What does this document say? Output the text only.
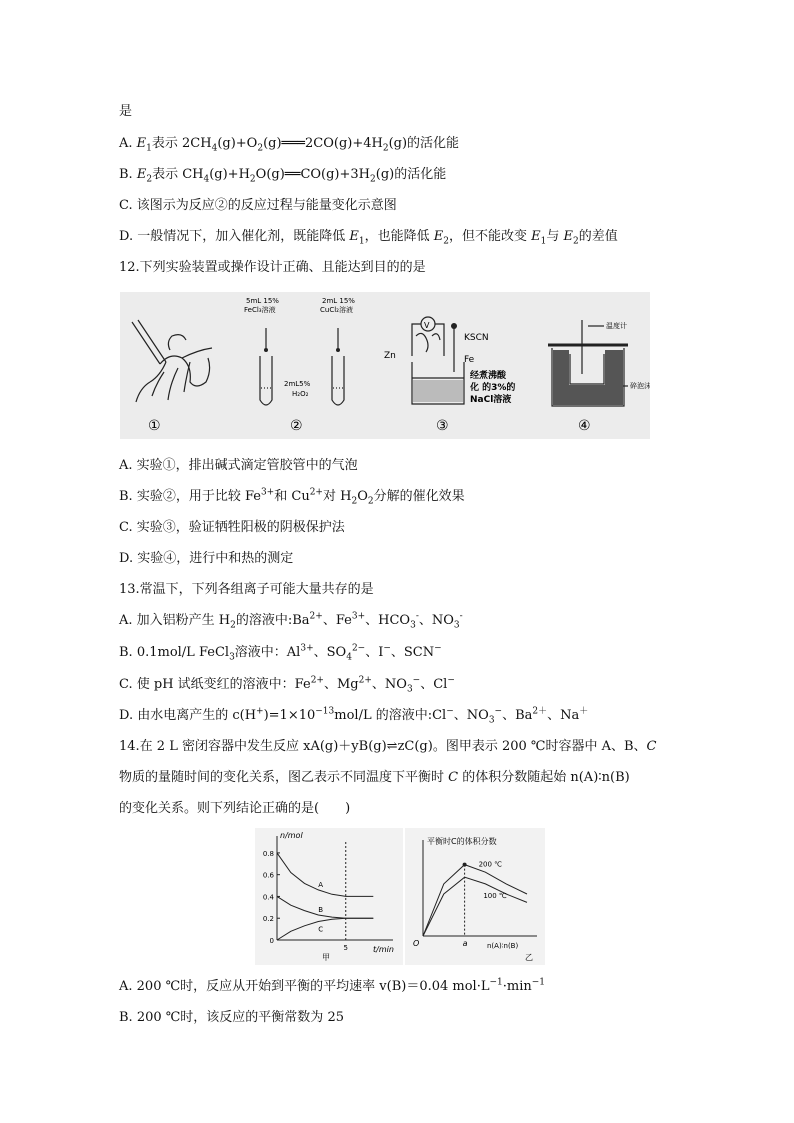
是
A. $E_1$表示 $2CH_4(g)+O_2(g)═══2CO(g)+4H_2(g)$的活化能
B. $E_2$表示 $CH_4(g)+H_2O(g)══CO(g)+3H_2(g)$的活化能
C. 该图示为反应②的反应过程与能量变化示意图
D. 一般情况下，加入催化剂，既能降低 $E_1$，也能降低 $E_2$，但不能改变 $E_1$与 $E_2$的差值
12.下列实验装置或操作设计正确、且能达到目的的是
①
5mL 15%
FeCl₃溶液
2mL 15%
CuCl₂溶液
2mL5%
H₂O₂
②
V
KSCN
Zn	Fe
经煮沸酸
化 的3%的
NaCl溶液
③
温度计
碎泡沫
④
A. 实验①，排出碱式滴定管胶管中的气泡
B. 实验②，用于比较 $Fe^{3+}$和 $Cu^{2+}$对 $H_2O_2$分解的催化效果
C. 实验③，验证牺牲阳极的阴极保护法
D. 实验④，进行中和热的测定
13.常温下，下列各组离子可能大量共存的是
A. 加入铝粉产生 $H_2$的溶液中$:Ba^{2+}$、$Fe^{3+}$、$HCO_3^-$、$NO_3^-$
B. 0.1mol/L FeCl$_3$溶液中：$Al^{3+}$、$SO_4^{2-}$、I−、SCN−
C. 使 pH 试纸变红的溶液中：$Fe^{2+}$、$Mg^{2+}$、$NO_3^-$、Cl−
D. 由水电离产生的 $c(H^+)=1\times 10^{-13}mol/L$ 的溶液中:Cl−、$NO_3^-$、$Ba^{2+}$、Na＋
14.在 2 L 密闭容器中发生反应 xA(g)＋yB(g)⇌zC(g)。图甲表示 200 ℃时容器中 A、B、C
物质的量随时间的变化关系，图乙表示不同温度下平衡时 C 的体积分数随起始 n(A)∶n(B)
的变化关系。则下列结论正确的是(　　)
n/mol
t/min
0.8
0.6
0.4
0.2
0
5
A
B
C
甲
平衡时C的体积分数
O	n(A)∶n(B)
a
200 ℃
100 ℃
乙
A. 200 ℃时，反应从开始到平衡的平均速率 v(B)＝0.04 $mol\cdot L^{-1}\cdot\min^{-1}$
B. 200 ℃时，该反应的平衡常数为 25
